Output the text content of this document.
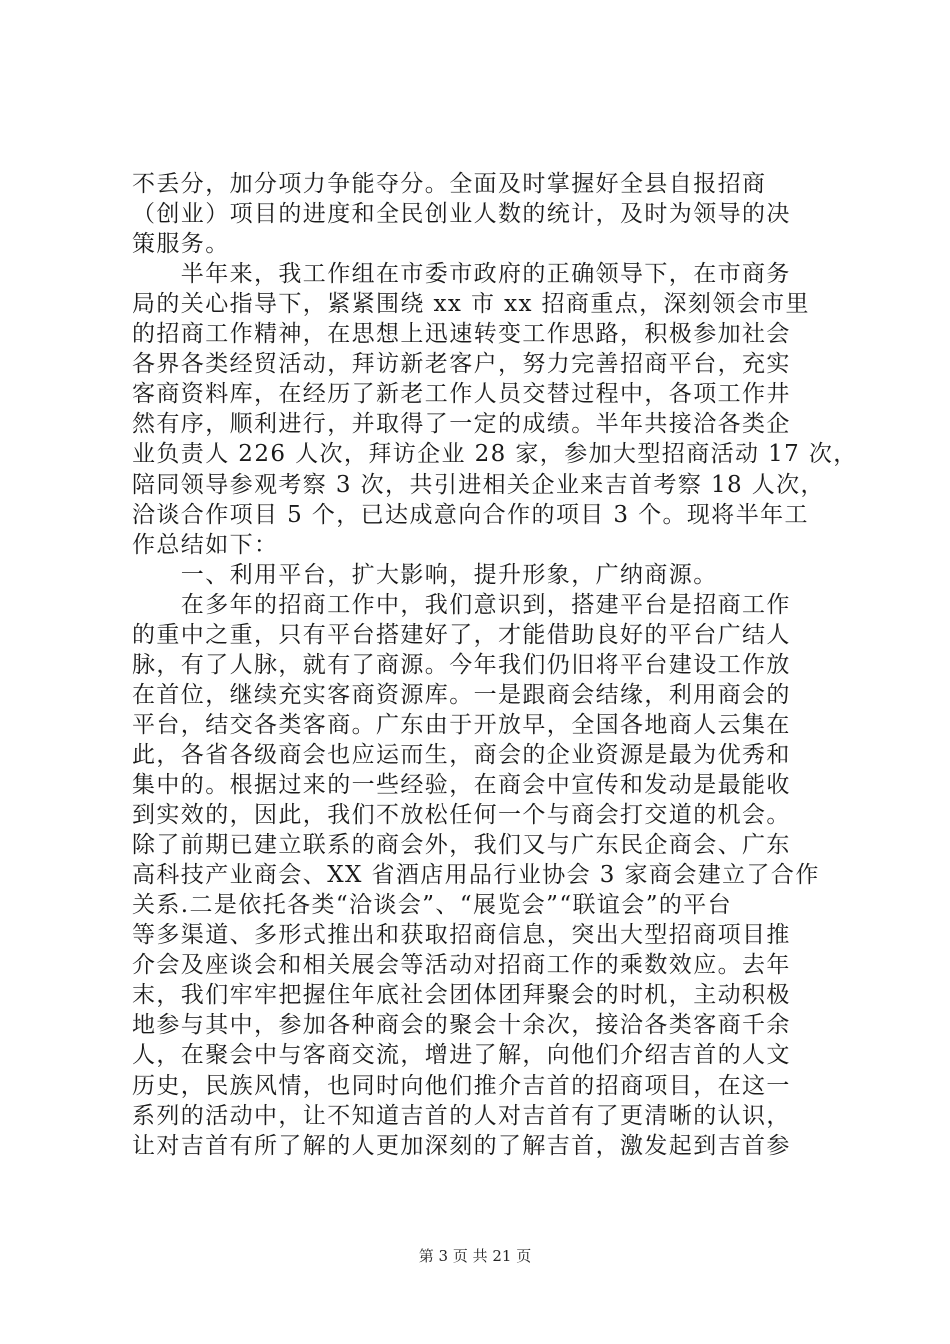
不丢分，加分项力争能夺分。全面及时掌握好全县自报招商
（创业）项目的进度和全民创业人数的统计，及时为领导的决
策服务。
　　半年来，我工作组在市委市政府的正确领导下，在市商务
局的关心指导下，紧紧围绕 xx 市 xx 招商重点，深刻领会市里
的招商工作精神，在思想上迅速转变工作思路，积极参加社会
各界各类经贸活动，拜访新老客户，努力完善招商平台，充实
客商资料库，在经历了新老工作人员交替过程中，各项工作井
然有序，顺利进行，并取得了一定的成绩。半年共接洽各类企
业负责人 226 人次，拜访企业 28 家，参加大型招商活动 17 次，
陪同领导参观考察 3 次，共引进相关企业来吉首考察 18 人次，
洽谈合作项目 5 个，已达成意向合作的项目 3 个。现将半年工
作总结如下：
　　一、利用平台，扩大影响，提升形象，广纳商源。
　　在多年的招商工作中，我们意识到，搭建平台是招商工作
的重中之重，只有平台搭建好了，才能借助良好的平台广结人
脉，有了人脉，就有了商源。今年我们仍旧将平台建设工作放
在首位，继续充实客商资源库。一是跟商会结缘，利用商会的
平台，结交各类客商。广东由于开放早，全国各地商人云集在
此，各省各级商会也应运而生，商会的企业资源是最为优秀和
集中的。根据过来的一些经验，在商会中宣传和发动是最能收
到实效的，因此，我们不放松任何一个与商会打交道的机会。
除了前期已建立联系的商会外，我们又与广东民企商会、广东
高科技产业商会、XX 省酒店用品行业协会 3 家商会建立了合作
关系.二是依托各类“洽谈会”、“展览会”“联谊会”的平台
等多渠道、多形式推出和获取招商信息，突出大型招商项目推
介会及座谈会和相关展会等活动对招商工作的乘数效应。去年
末，我们牢牢把握住年底社会团体团拜聚会的时机，主动积极
地参与其中，参加各种商会的聚会十余次，接洽各类客商千余
人，在聚会中与客商交流，增进了解，向他们介绍吉首的人文
历史，民族风情，也同时向他们推介吉首的招商项目，在这一
系列的活动中，让不知道吉首的人对吉首有了更清晰的认识，
让对吉首有所了解的人更加深刻的了解吉首，激发起到吉首参
第 3 页 共 21 页
